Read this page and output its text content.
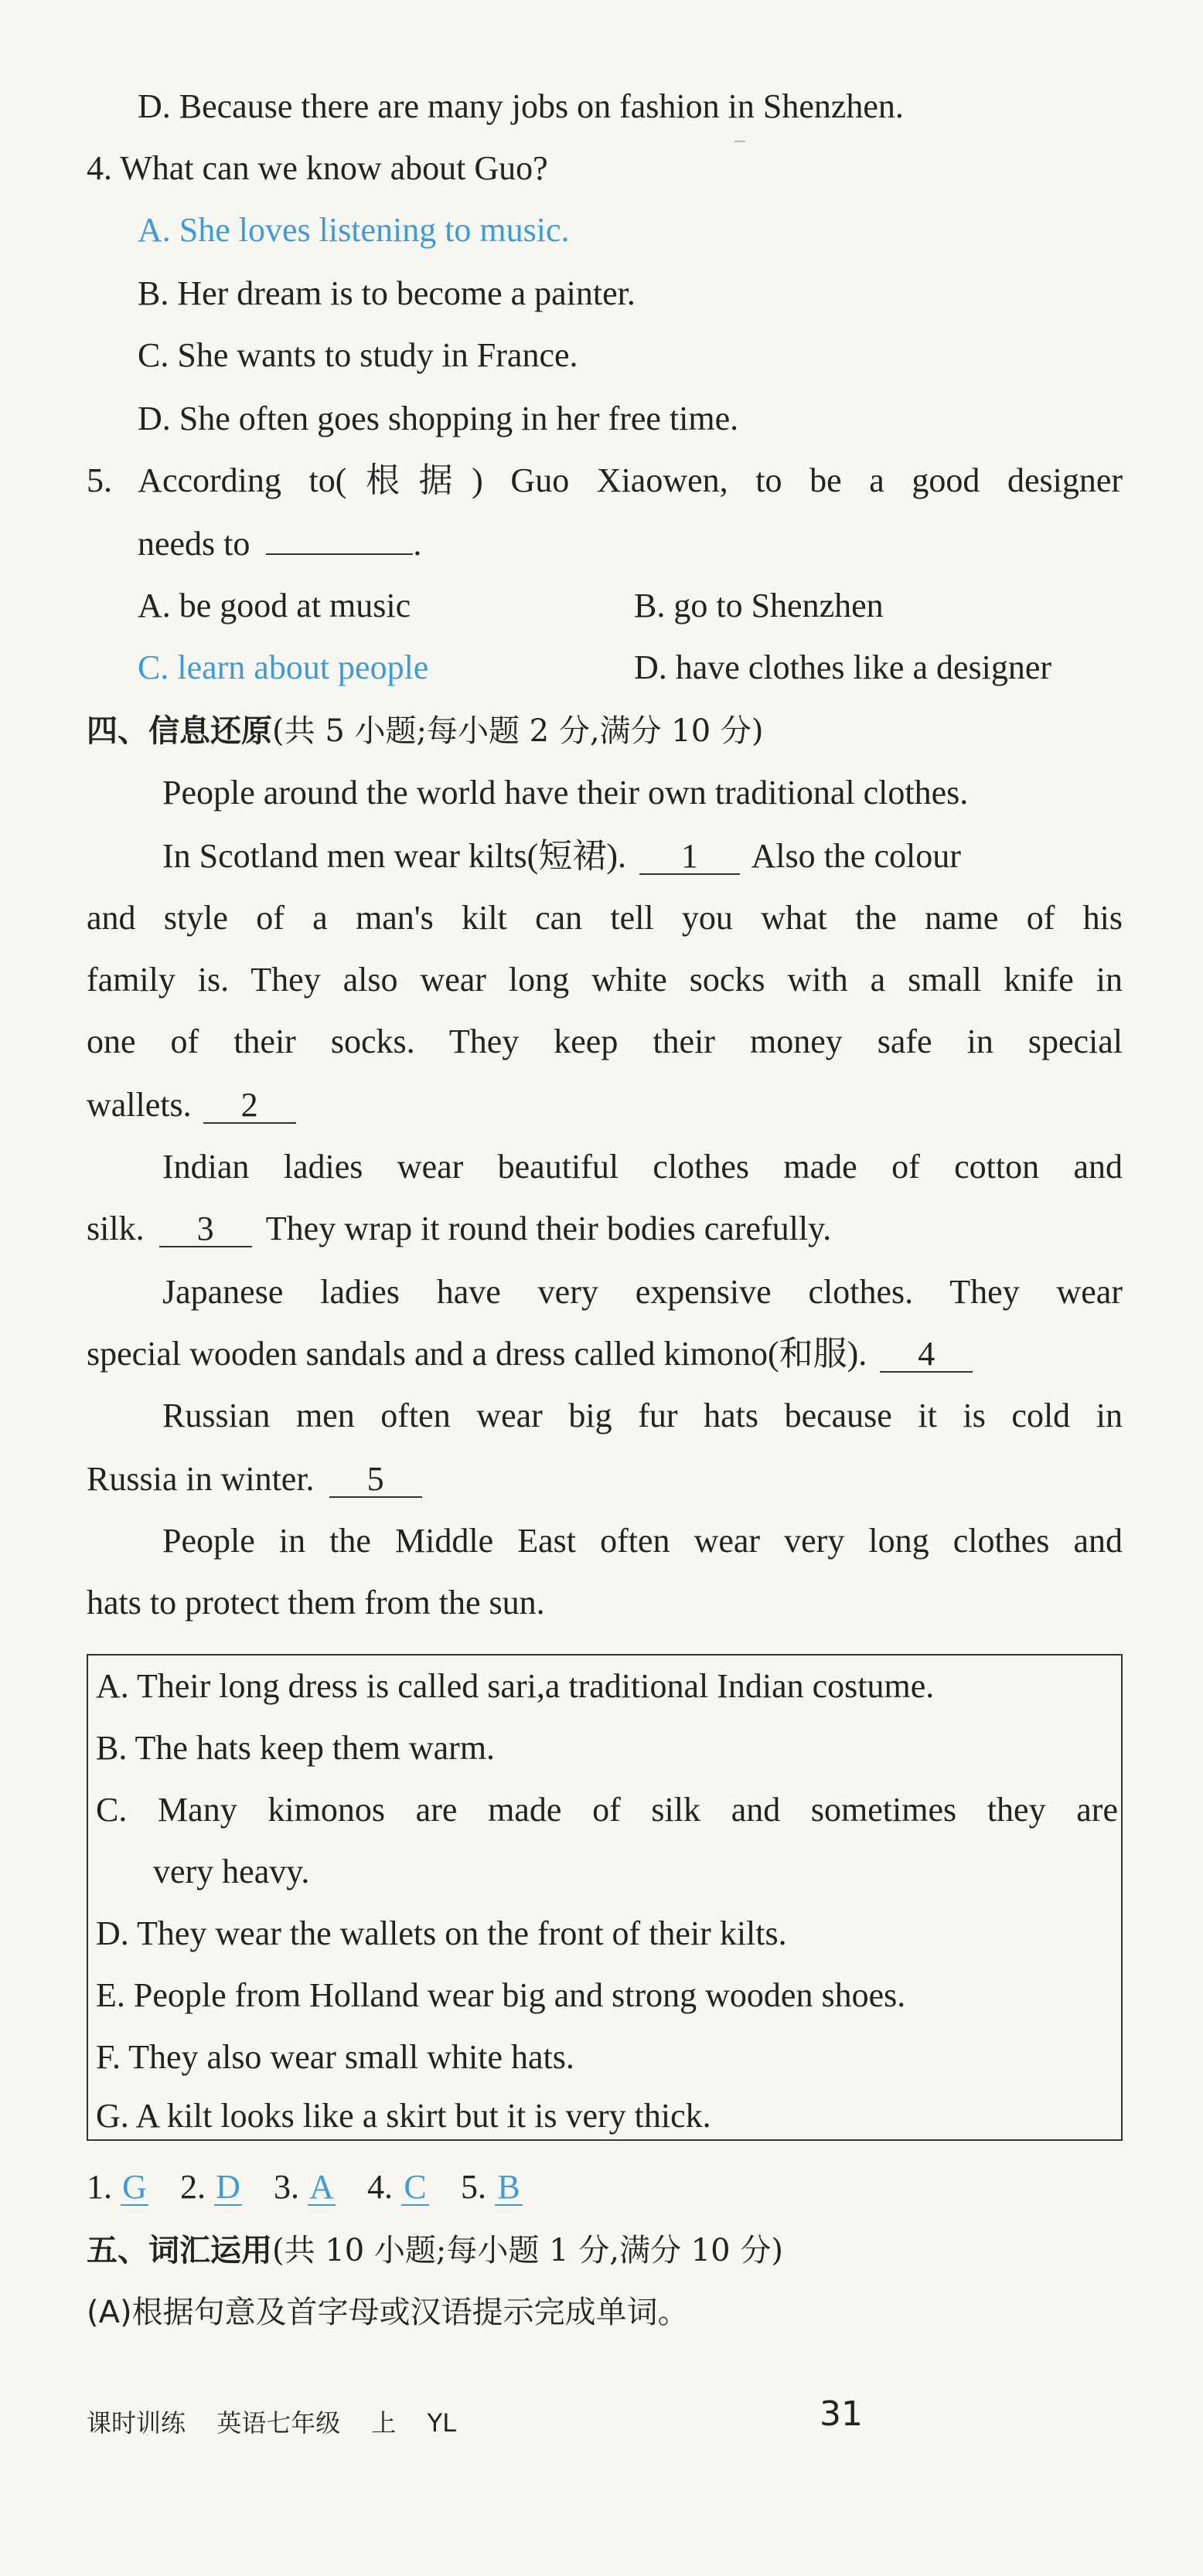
D. Because there are many jobs on fashion in Shenzhen.
4. What can we know about Guo?
A. She loves listening to music.
B. Her dream is to become a painter.
C. She wants to study in France.
D. She often goes shopping in her free time.
5. According to(根据) Guo Xiaowen, to be a good designer
needs to	.
A. be good at music	B. go to Shenzhen
C. learn about people	D. have clothes like a designer
四、信息还原(共 5 小题;每小题 2 分,满分 10 分)
People around the world have their own traditional clothes.
In Scotland men wear kilts(短裙). 1 Also the colour
and style of a man's kilt can tell you what the name of his
family is. They also wear long white socks with a small knife in
one of their socks. They keep their money safe in special
wallets. 2
Indian ladies wear beautiful clothes made of cotton and
silk. 3 They wrap it round their bodies carefully.
Japanese ladies have very expensive clothes. They wear
special wooden sandals and a dress called kimono(和服). 4
Russian men often wear big fur hats because it is cold in
Russia in winter. 5
People in the Middle East often wear very long clothes and
hats to protect them from the sun.
A. Their long dress is called sari,a traditional Indian costume.
B. The hats keep them warm.
C. Many kimonos are made of silk and sometimes they are
very heavy.
D. They wear the wallets on the front of their kilts.
E. People from Holland wear big and strong wooden shoes.
F. They also wear small white hats.
G. A kilt looks like a skirt but it is very thick.
1. G 2. D 3. A 4. C 5. B
五、词汇运用(共 10 小题;每小题 1 分,满分 10 分)
(A)根据句意及首字母或汉语提示完成单词。
课时训练 英语七年级 上 YL	31
